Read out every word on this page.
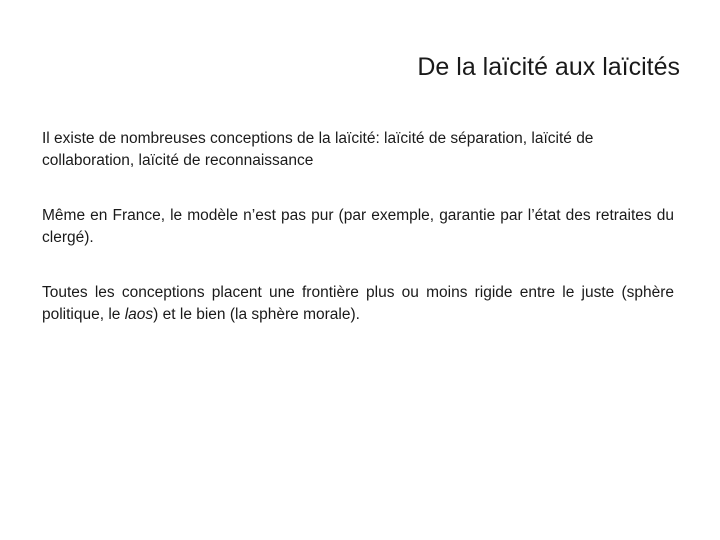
De la laïcité aux laïcités

Il existe de nombreuses conceptions de la laïcité: laïcité de séparation, laïcité de collaboration, laïcité de reconnaissance

Même en France, le modèle n’est pas pur (par exemple, garantie par l’état des retraites du clergé).

Toutes les conceptions placent une frontière plus ou moins rigide entre le juste (sphère politique, le laos) et le bien (la sphère morale).
